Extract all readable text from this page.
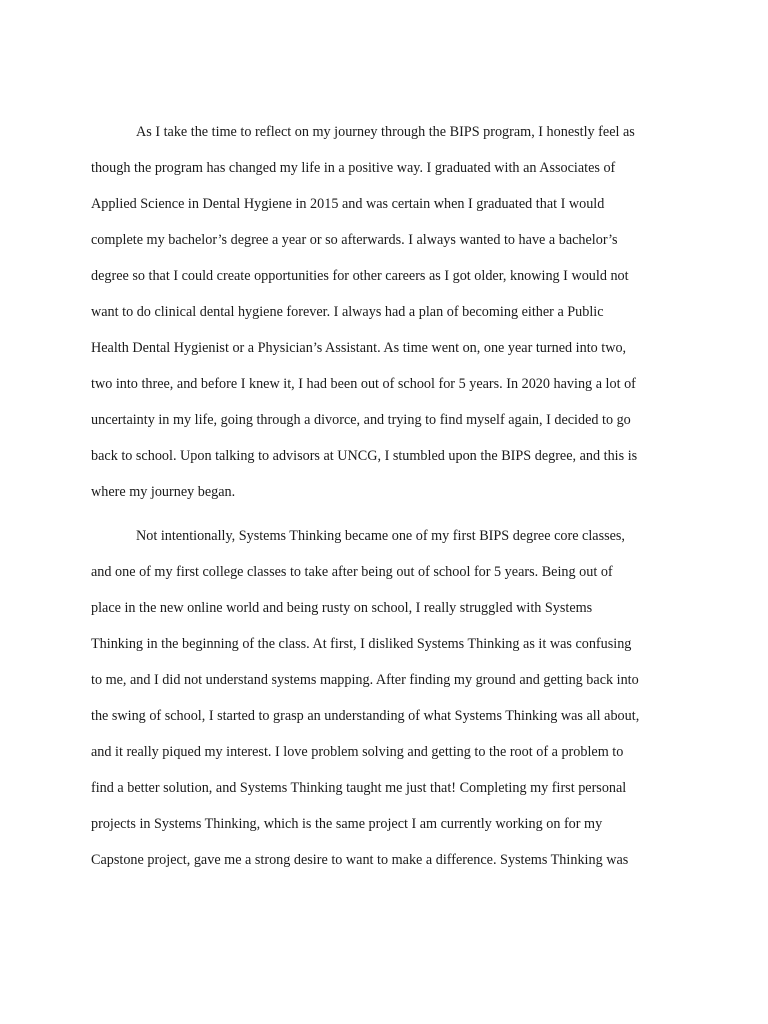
As I take the time to reflect on my journey through the BIPS program, I honestly feel as

though the program has changed my life in a positive way. I graduated with an Associates of

Applied Science in Dental Hygiene in 2015 and was certain when I graduated that I would

complete my bachelor’s degree a year or so afterwards. I always wanted to have a bachelor’s

degree so that I could create opportunities for other careers as I got older, knowing I would not

want to do clinical dental hygiene forever. I always had a plan of becoming either a Public

Health Dental Hygienist or a Physician’s Assistant. As time went on, one year turned into two,

two into three, and before I knew it, I had been out of school for 5 years. In 2020 having a lot of

uncertainty in my life, going through a divorce, and trying to find myself again, I decided to go

back to school. Upon talking to advisors at UNCG, I stumbled upon the BIPS degree, and this is

where my journey began.

Not intentionally, Systems Thinking became one of my first BIPS degree core classes,

and one of my first college classes to take after being out of school for 5 years. Being out of

place in the new online world and being rusty on school, I really struggled with Systems

Thinking in the beginning of the class. At first, I disliked Systems Thinking as it was confusing

to me, and I did not understand systems mapping. After finding my ground and getting back into

the swing of school, I started to grasp an understanding of what Systems Thinking was all about,

and it really piqued my interest. I love problem solving and getting to the root of a problem to

find a better solution, and Systems Thinking taught me just that! Completing my first personal

projects in Systems Thinking, which is the same project I am currently working on for my

Capstone project, gave me a strong desire to want to make a difference. Systems Thinking was
